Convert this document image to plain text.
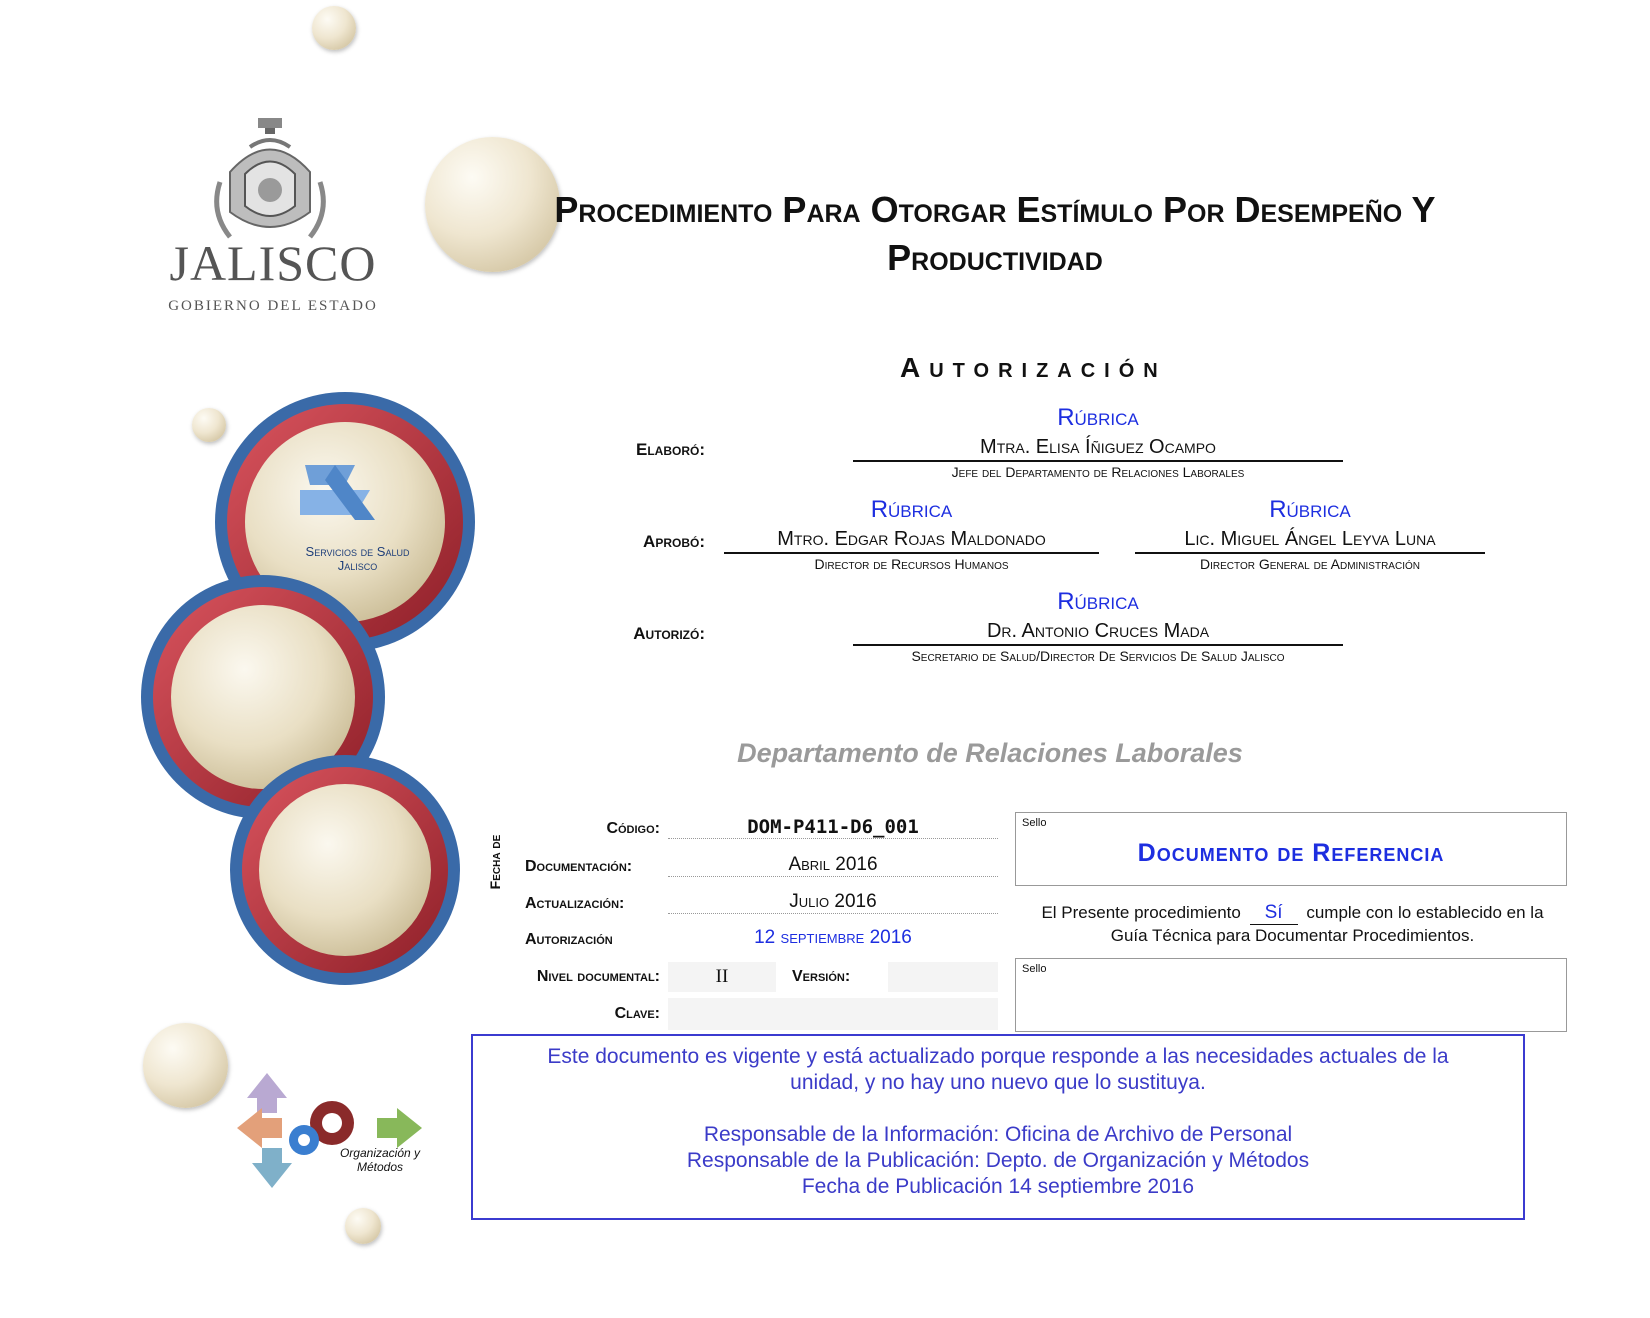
JALISCO
GOBIERNO DEL ESTADO
Procedimiento Para Otorgar Estímulo Por Desempeño Y
Productividad
Servicios de Salud
Jalisco
Organización y
Métodos
Autorización
Elaboró:
Rúbrica
Mtra. Elisa Íñiguez Ocampo
Jefe del Departamento de Relaciones Laborales
Aprobó:
Rúbrica
Mtro. Edgar Rojas Maldonado
Director de Recursos Humanos
Rúbrica
Lic. Miguel Ángel Leyva Luna
Director General de Administración
Autorizó:
Rúbrica
Dr. Antonio Cruces Mada
Secretario de Salud/Director De Servicios De Salud Jalisco
Departamento de Relaciones Laborales
Fecha de
Código:	DOM-P411-D6_001
Documentación:	Abril 2016
Actualización:	Julio 2016
Autorización	12 septiembre 2016
Nivel documental:	II	Versión:
Clave:
Sello
Documento de Referencia
El Presente procedimiento Sí cumple con lo establecido en la
Guía Técnica para Documentar Procedimientos.
Sello

Este documento es vigente y está actualizado porque responde a las necesidades actuales de la

unidad, y no hay uno nuevo que lo sustituya.

Responsable de la Información: Oficina de Archivo de Personal

Responsable de la Publicación: Depto. de Organización y Métodos

Fecha de Publicación 14 septiembre 2016
